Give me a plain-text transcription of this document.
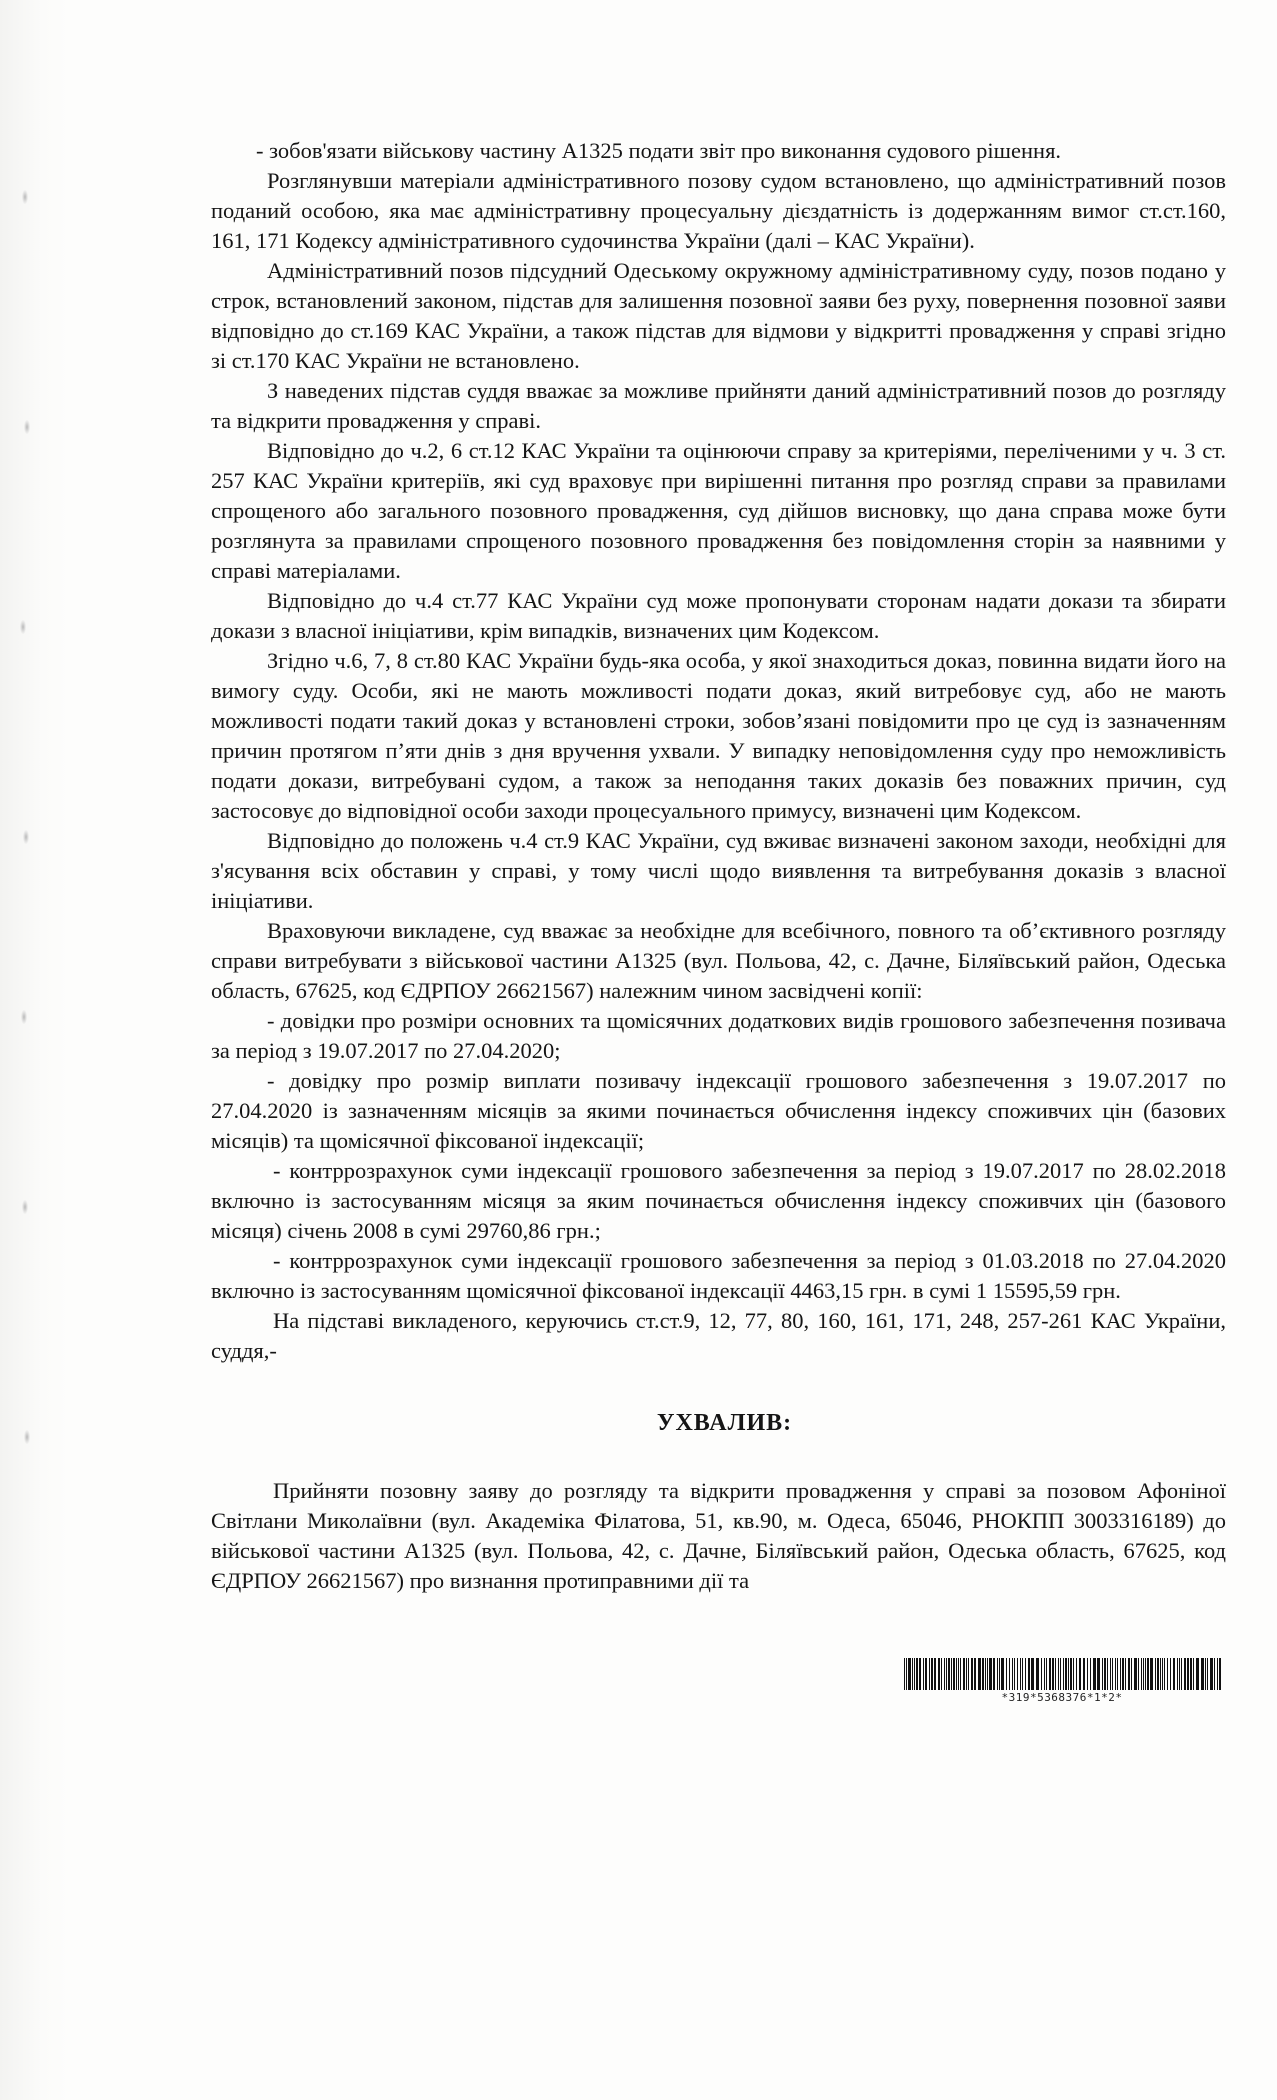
- зобов'язати військову частину А1325 подати звіт про виконання судового рішення.

Розглянувши матеріали адміністративного позову судом встановлено, що адміністративний позов поданий особою, яка має адміністративну процесуальну дієздатність із додержанням вимог ст.ст.160, 161, 171 Кодексу адміністративного судочинства України (далі – КАС України).

Адміністративний позов підсудний Одеському окружному адміністративному суду, позов подано у строк, встановлений законом, підстав для залишення позовної заяви без руху, повернення позовної заяви відповідно до ст.169 КАС України, а також підстав для відмови у відкритті провадження у справі згідно зі ст.170 КАС України не встановлено.

З наведених підстав суддя вважає за можливе прийняти даний адміністративний позов до розгляду та відкрити провадження у справі.

Відповідно до ч.2, 6 ст.12 КАС України та оцінюючи справу за критеріями, переліченими у ч. 3 ст. 257 КАС України критеріїв, які суд враховує при вирішенні питання про розгляд справи за правилами спрощеного або загального позовного провадження, суд дійшов висновку, що дана справа може бути розглянута за правилами спрощеного позовного провадження без повідомлення сторін за наявними у справі матеріалами.

Відповідно до ч.4 ст.77 КАС України суд може пропонувати сторонам надати докази та збирати докази з власної ініціативи, крім випадків, визначених цим Кодексом.

Згідно ч.6, 7, 8 ст.80 КАС України будь-яка особа, у якої знаходиться доказ, повинна видати його на вимогу суду. Особи, які не мають можливості подати доказ, який витребовує суд, або не мають можливості подати такий доказ у встановлені строки, зобов’язані повідомити про це суд із зазначенням причин протягом п’яти днів з дня вручення ухвали. У випадку неповідомлення суду про неможливість подати докази, витребувані судом, а також за неподання таких доказів без поважних причин, суд застосовує до відповідної особи заходи процесуального примусу, визначені цим Кодексом.

Відповідно до положень ч.4 ст.9 КАС України, суд вживає визначені законом заходи, необхідні для з'ясування всіх обставин у справі, у тому числі щодо виявлення та витребування доказів з власної ініціативи.

Враховуючи викладене, суд вважає за необхідне для всебічного, повного та об’єктивного розгляду справи витребувати з військової частини А1325 (вул. Польова, 42, с. Дачне, Біляївський район, Одеська область, 67625, код ЄДРПОУ 26621567) належним чином засвідчені копії:

- довідки про розміри основних та щомісячних додаткових видів грошового забезпечення позивача за період з 19.07.2017 по 27.04.2020;

- довідку про розмір виплати позивачу індексації грошового забезпечення з 19.07.2017 по 27.04.2020 із зазначенням місяців за якими починається обчислення індексу споживчих цін (базових місяців) та щомісячної фіксованої індексації;

- контррозрахунок суми індексації грошового забезпечення за період з 19.07.2017 по 28.02.2018 включно із застосуванням місяця за яким починається обчислення індексу споживчих цін (базового місяця) січень 2008 в сумі 29760,86 грн.;

- контррозрахунок суми індексації грошового забезпечення за період з 01.03.2018 по 27.04.2020 включно із застосуванням щомісячної фіксованої індексації 4463,15 грн. в сумі 1 15595,59 грн.

На підставі викладеного, керуючись ст.ст.9, 12, 77, 80, 160, 161, 171, 248, 257-261 КАС України, суддя,-

УХВАЛИВ:

Прийняти позовну заяву до розгляду та відкрити провадження у справі за позовом Афоніної Світлани Миколаївни (вул. Академіка Філатова, 51, кв.90, м. Одеса, 65046, РНОКПП 3003316189) до військової частини А1325 (вул. Польова, 42, с. Дачне, Біляївський район, Одеська область, 67625, код ЄДРПОУ 26621567) про визнання протиправними дії та

*319*5368376*1*2*
